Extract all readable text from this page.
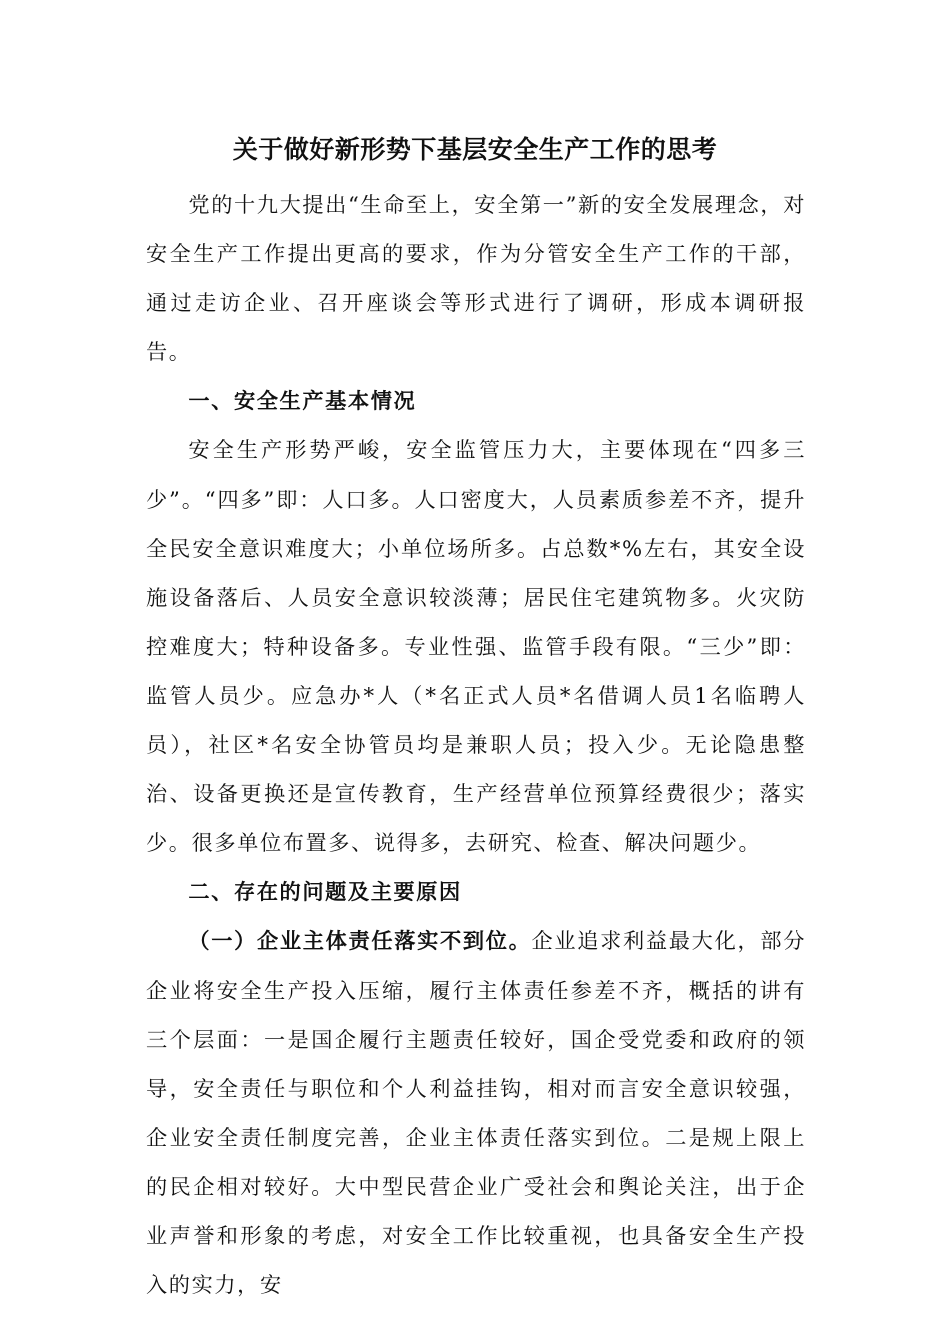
关于做好新形势下基层安全生产工作的思考

党的十九大提出“生命至上，安全第一”新的安全发展理念，对安全生产工作提出更高的要求，作为分管安全生产工作的干部，通过走访企业、召开座谈会等形式进行了调研，形成本调研报告。

一、安全生产基本情况

安全生产形势严峻，安全监管压力大，主要体现在“四多三少”。“四多”即：人口多。人口密度大，人员素质参差不齐，提升全民安全意识难度大；小单位场所多。占总数*%左右，其安全设施设备落后、人员安全意识较淡薄；居民住宅建筑物多。火灾防控难度大；特种设备多。专业性强、监管手段有限。“三少”即：监管人员少。应急办*人（*名正式人员*名借调人员1名临聘人员），社区*名安全协管员均是兼职人员；投入少。无论隐患整治、设备更换还是宣传教育，生产经营单位预算经费很少；落实少。很多单位布置多、说得多，去研究、检查、解决问题少。

二、存在的问题及主要原因

（一）企业主体责任落实不到位。企业追求利益最大化，部分企业将安全生产投入压缩，履行主体责任参差不齐，概括的讲有三个层面：一是国企履行主题责任较好，国企受党委和政府的领导，安全责任与职位和个人利益挂钩，相对而言安全意识较强，企业安全责任制度完善，企业主体责任落实到位。二是规上限上的民企相对较好。大中型民营企业广受社会和舆论关注，出于企业声誉和形象的考虑，对安全工作比较重视，也具备安全生产投入的实力，安
